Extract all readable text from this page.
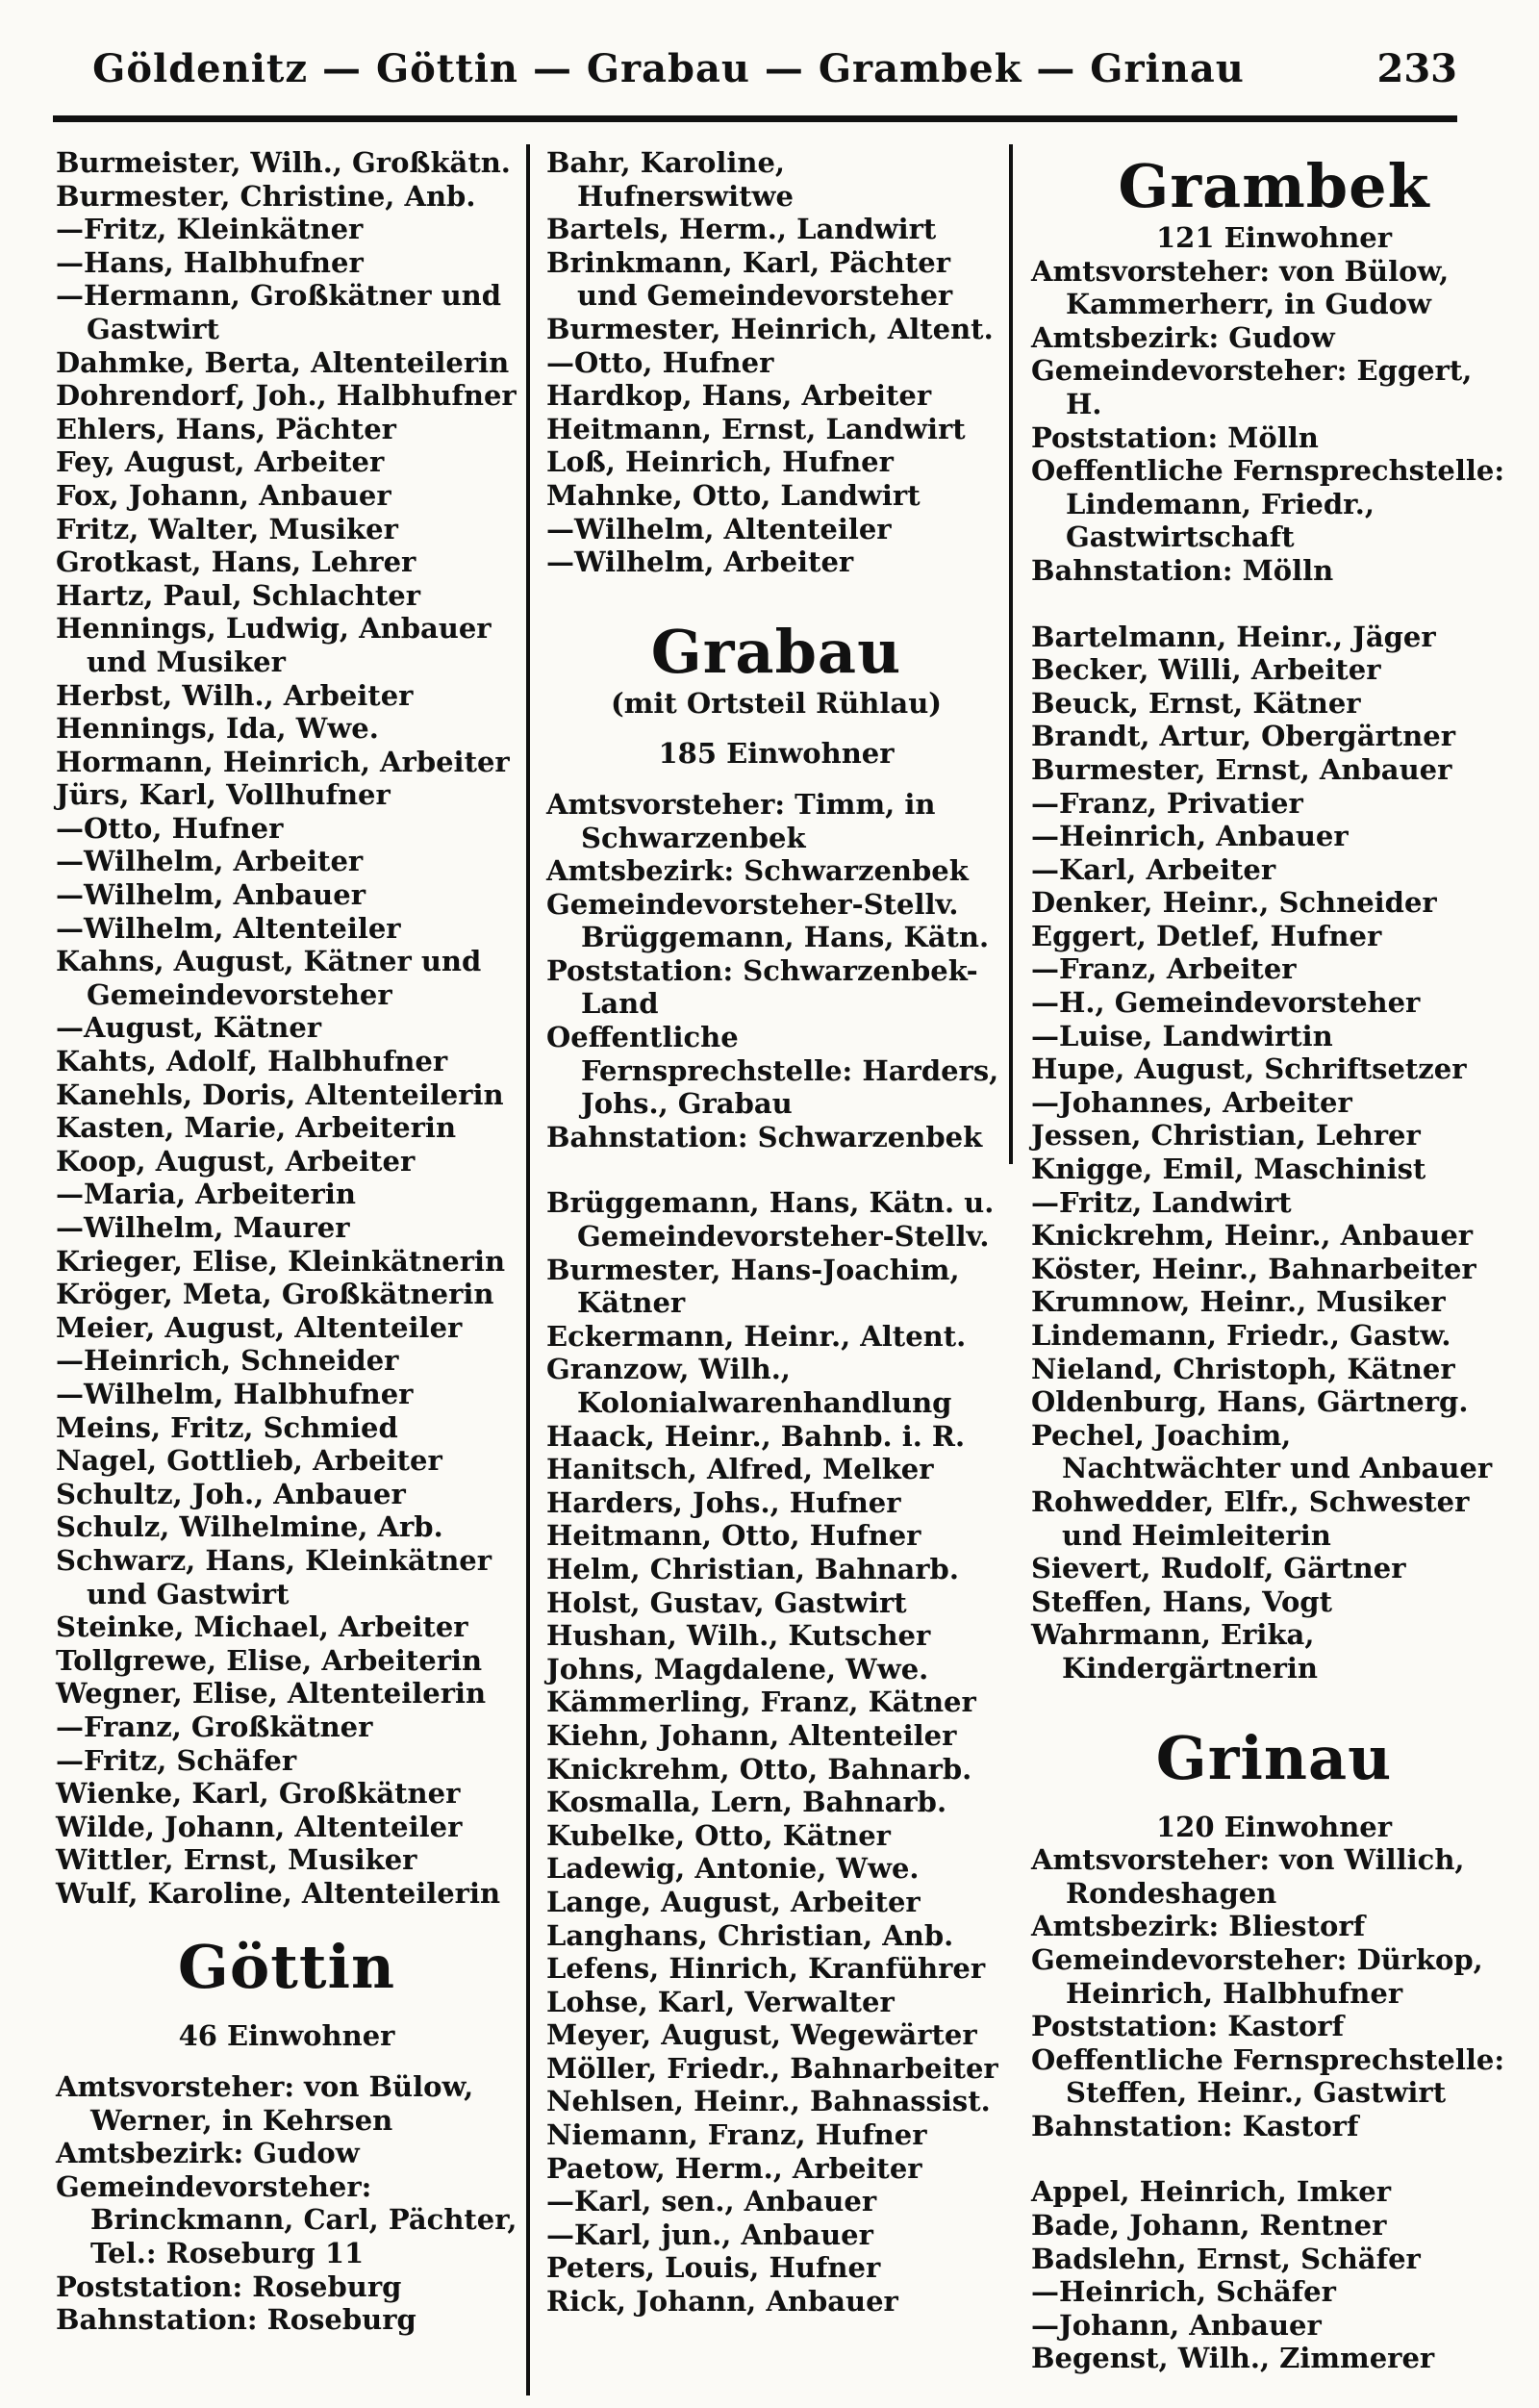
Göldenitz — Göttin — Grabau — Grambek — Grinau	233
Burmeister, Wilh., Großkätn.
Burmester, Christine, Anb.
—Fritz, Kleinkätner
—Hans, Halbhufner
—Hermann, Großkätner und Gastwirt
Dahmke, Berta, Altenteilerin
Dohrendorf, Joh., Halbhufner
Ehlers, Hans, Pächter
Fey, August, Arbeiter
Fox, Johann, Anbauer
Fritz, Walter, Musiker
Grotkast, Hans, Lehrer
Hartz, Paul, Schlachter
Hennings, Ludwig, Anbauer und Musiker
Herbst, Wilh., Arbeiter
Hennings, Ida, Wwe.
Hormann, Heinrich, Arbeiter
Jürs, Karl, Vollhufner
—Otto, Hufner
—Wilhelm, Arbeiter
—Wilhelm, Anbauer
—Wilhelm, Altenteiler
Kahns, August, Kätner und Gemeindevorsteher
—August, Kätner
Kahts, Adolf, Halbhufner
Kanehls, Doris, Altenteilerin
Kasten, Marie, Arbeiterin
Koop, August, Arbeiter
—Maria, Arbeiterin
—Wilhelm, Maurer
Krieger, Elise, Kleinkätnerin
Kröger, Meta, Großkätnerin
Meier, August, Altenteiler
—Heinrich, Schneider
—Wilhelm, Halbhufner
Meins, Fritz, Schmied
Nagel, Gottlieb, Arbeiter
Schultz, Joh., Anbauer
Schulz, Wilhelmine, Arb.
Schwarz, Hans, Kleinkätner und Gastwirt
Steinke, Michael, Arbeiter
Tollgrewe, Elise, Arbeiterin
Wegner, Elise, Altenteilerin
—Franz, Großkätner
—Fritz, Schäfer
Wienke, Karl, Großkätner
Wilde, Johann, Altenteiler
Wittler, Ernst, Musiker
Wulf, Karoline, Altenteilerin
Göttin
46 Einwohner
Amtsvorsteher: von Bülow, Werner, in Kehrsen
Amtsbezirk: Gudow
Gemeindevorsteher: Brinckmann, Carl, Pächter, Tel.: Roseburg 11
Poststation: Roseburg
Bahnstation: Roseburg
Bahr, Karoline, Hufnerswitwe
Bartels, Herm., Landwirt
Brinkmann, Karl, Pächter und Gemeindevorsteher
Burmester, Heinrich, Altent.
—Otto, Hufner
Hardkop, Hans, Arbeiter
Heitmann, Ernst, Landwirt
Loß, Heinrich, Hufner
Mahnke, Otto, Landwirt
—Wilhelm, Altenteiler
—Wilhelm, Arbeiter
Grabau
(mit Ortsteil Rühlau)
185 Einwohner
Amtsvorsteher: Timm, in Schwarzenbek
Amtsbezirk: Schwarzenbek
Gemeindevorsteher-Stellv. Brüggemann, Hans, Kätn.
Poststation: Schwarzenbek-Land
Oeffentliche Fernsprechstelle: Harders, Johs., Grabau
Bahnstation: Schwarzenbek
Brüggemann, Hans, Kätn. u. Gemeindevorsteher-Stellv.
Burmester, Hans-Joachim, Kätner
Eckermann, Heinr., Altent.
Granzow, Wilh., Kolonialwarenhandlung
Haack, Heinr., Bahnb. i. R.
Hanitsch, Alfred, Melker
Harders, Johs., Hufner
Heitmann, Otto, Hufner
Helm, Christian, Bahnarb.
Holst, Gustav, Gastwirt
Hushan, Wilh., Kutscher
Johns, Magdalene, Wwe.
Kämmerling, Franz, Kätner
Kiehn, Johann, Altenteiler
Knickrehm, Otto, Bahnarb.
Kosmalla, Lern, Bahnarb.
Kubelke, Otto, Kätner
Ladewig, Antonie, Wwe.
Lange, August, Arbeiter
Langhans, Christian, Anb.
Lefens, Hinrich, Kranführer
Lohse, Karl, Verwalter
Meyer, August, Wegewärter
Möller, Friedr., Bahnarbeiter
Nehlsen, Heinr., Bahnassist.
Niemann, Franz, Hufner
Paetow, Herm., Arbeiter
—Karl, sen., Anbauer
—Karl, jun., Anbauer
Peters, Louis, Hufner
Rick, Johann, Anbauer
Grambek
121 Einwohner
Amtsvorsteher: von Bülow, Kammerherr, in Gudow
Amtsbezirk: Gudow
Gemeindevorsteher: Eggert, H.
Poststation: Mölln
Oeffentliche Fernsprechstelle: Lindemann, Friedr., Gastwirtschaft
Bahnstation: Mölln
Bartelmann, Heinr., Jäger
Becker, Willi, Arbeiter
Beuck, Ernst, Kätner
Brandt, Artur, Obergärtner
Burmester, Ernst, Anbauer
—Franz, Privatier
—Heinrich, Anbauer
—Karl, Arbeiter
Denker, Heinr., Schneider
Eggert, Detlef, Hufner
—Franz, Arbeiter
—H., Gemeindevorsteher
—Luise, Landwirtin
Hupe, August, Schriftsetzer
—Johannes, Arbeiter
Jessen, Christian, Lehrer
Knigge, Emil, Maschinist
—Fritz, Landwirt
Knickrehm, Heinr., Anbauer
Köster, Heinr., Bahnarbeiter
Krumnow, Heinr., Musiker
Lindemann, Friedr., Gastw.
Nieland, Christoph, Kätner
Oldenburg, Hans, Gärtnerg.
Pechel, Joachim, Nachtwächter und Anbauer
Rohwedder, Elfr., Schwester und Heimleiterin
Sievert, Rudolf, Gärtner
Steffen, Hans, Vogt
Wahrmann, Erika, Kindergärtnerin
Grinau
120 Einwohner
Amtsvorsteher: von Willich, Rondeshagen
Amtsbezirk: Bliestorf
Gemeindevorsteher: Dürkop, Heinrich, Halbhufner
Poststation: Kastorf
Oeffentliche Fernsprechstelle: Steffen, Heinr., Gastwirt
Bahnstation: Kastorf
Appel, Heinrich, Imker
Bade, Johann, Rentner
Badslehn, Ernst, Schäfer
—Heinrich, Schäfer
—Johann, Anbauer
Begenst, Wilh., Zimmerer
